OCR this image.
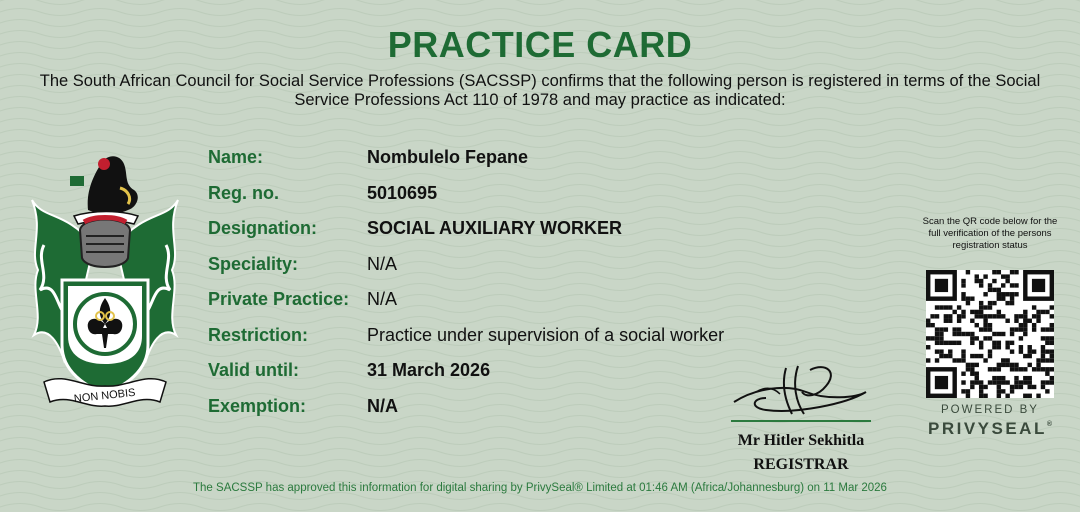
PRACTICE CARD
The South African Council for Social Service Professions (SACSSP) confirms that the following person is registered in terms of the Social Service Professions Act 110 of 1978 and may practice as indicated:
NON NOBIS
Name:	Nombulelo Fepane
Reg. no.	5010695
Designation:	SOCIAL AUXILIARY WORKER
Speciality:	N/A
Private Practice: N/A
Restriction:	Practice under supervision of a social worker
Valid until:	31 March 2026
Exemption:	N/A
Mr Hitler Sekhitla
REGISTRAR
Scan the QR code below for the full verification of the persons registration status
POWERED BY
PRIVYSEAL®
The SACSSP has approved this information for digital sharing by PrivySeal® Limited at 01:46 AM (Africa/Johannesburg) on 11 Mar 2026
